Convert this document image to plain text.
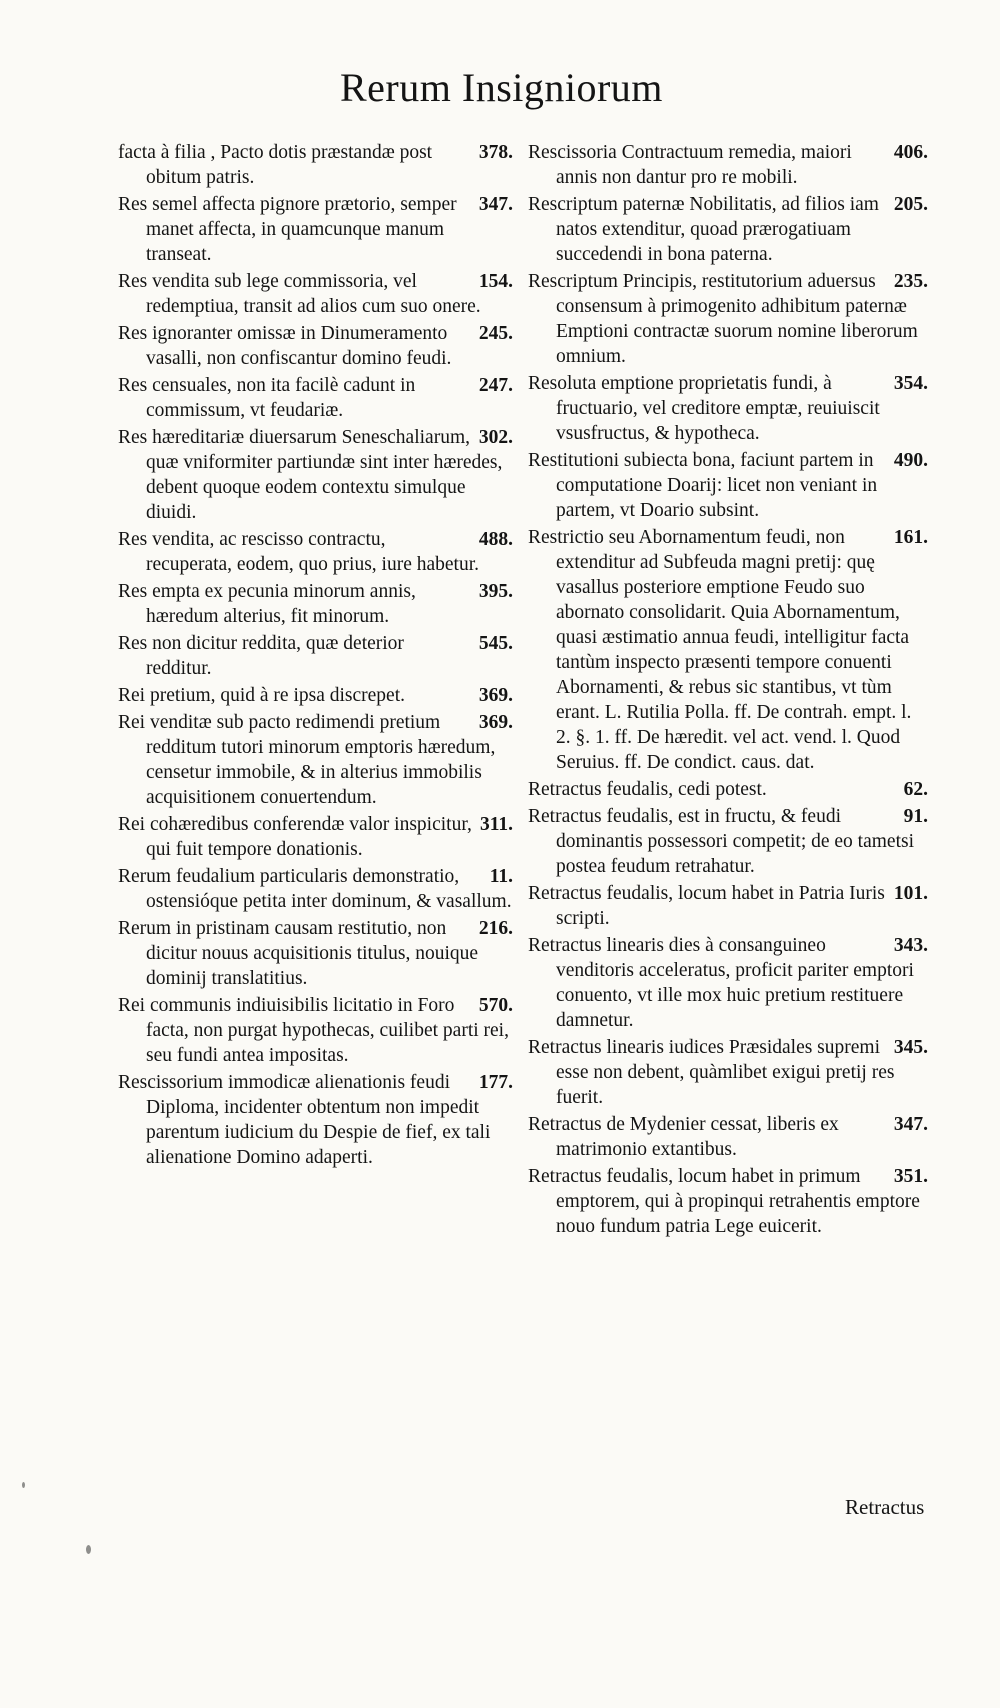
Rerum Insigniorum
378.
facta à filia , Pacto dotis præstandæ post obitum patris.
347.
Res semel affecta pignore prætorio, semper manet affecta, in quamcunque manum transeat.
154.
Res vendita sub lege commissoria, vel redemptiua, transit ad alios cum suo onere.
245.
Res ignoranter omissæ in Dinumeramento vasalli, non confiscantur domino feudi.
247.
Res censuales, non ita facilè cadunt in commissum, vt feudariæ.
302.
Res hæreditariæ diuersarum Seneschaliarum, quæ vniformiter partiundæ sint inter hæredes, debent quoque eodem contextu simulque diuidi.
488.
Res vendita, ac rescisso contractu, recuperata, eodem, quo prius, iure habetur.
395.
Res empta ex pecunia minorum annis, hæredum alterius, fit minorum.
545.
Res non dicitur reddita, quæ deterior redditur.
369.
Rei pretium, quid à re ipsa discrepet.
369.
Rei venditæ sub pacto redimendi pretium redditum tutori minorum emptoris hæredum, censetur immobile, & in alterius immobilis acquisitionem conuertendum.
311.
Rei cohæredibus conferendæ valor inspicitur, qui fuit tempore donationis.
11.
Rerum feudalium particularis demonstratio, ostensióque petita inter dominum, & vasallum.
216.
Rerum in pristinam causam restitutio, non dicitur nouus acquisitionis titulus, nouique dominij translatitius.
570.
Rei communis indiuisibilis licitatio in Foro facta, non purgat hypothecas, cuilibet parti rei, seu fundi antea impositas.
177.
Rescissorium immodicæ alienationis feudi Diploma, incidenter obtentum non impedit parentum iudicium du Despie de fief, ex tali alienatione Domino adaperti.
406.
Rescissoria Contractuum remedia, maiori annis non dantur pro re mobili.
205.
Rescriptum paternæ Nobilitatis, ad filios iam natos extenditur, quoad prærogatiuam succedendi in bona paterna.
235.
Rescriptum Principis, restitutorium aduersus consensum à primogenito adhibitum paternæ Emptioni contractæ suorum nomine liberorum omnium.
354.
Resoluta emptione proprietatis fundi, à fructuario, vel creditore emptæ, reuiuiscit vsusfructus, & hypotheca.
490.
Restitutioni subiecta bona, faciunt partem in computatione Doarij: licet non veniant in partem, vt Doario subsint.
161.
Restrictio seu Abornamentum feudi, non extenditur ad Subfeuda magni pretij: quę vasallus posteriore emptione Feudo suo abornato consolidarit. Quia Abornamentum, quasi æstimatio annua feudi, intelligitur facta tantùm inspecto præsenti tempore conuenti Abornamenti, & rebus sic stantibus, vt tùm erant. L. Rutilia Polla. ff. De contrah. empt. l. 2. §. 1. ff. De hæredit. vel act. vend. l. Quod Seruius. ff. De condict. caus. dat.
62.
Retractus feudalis, cedi potest.
91.
Retractus feudalis, est in fructu, & feudi dominantis possessori competit; de eo tametsi postea feudum retrahatur.
101.
Retractus feudalis, locum habet in Patria Iuris scripti.
343.
Retractus linearis dies à consanguineo venditoris acceleratus, proficit pariter emptori conuento, vt ille mox huic pretium restituere damnetur.
345.
Retractus linearis iudices Præsidales supremi esse non debent, quàmlibet exigui pretij res fuerit.
347.
Retractus de Mydenier cessat, liberis ex matrimonio extantibus.
351.
Retractus feudalis, locum habet in primum emptorem, qui à propinqui retrahentis emptore nouo fundum patria Lege euicerit.
Retractus
